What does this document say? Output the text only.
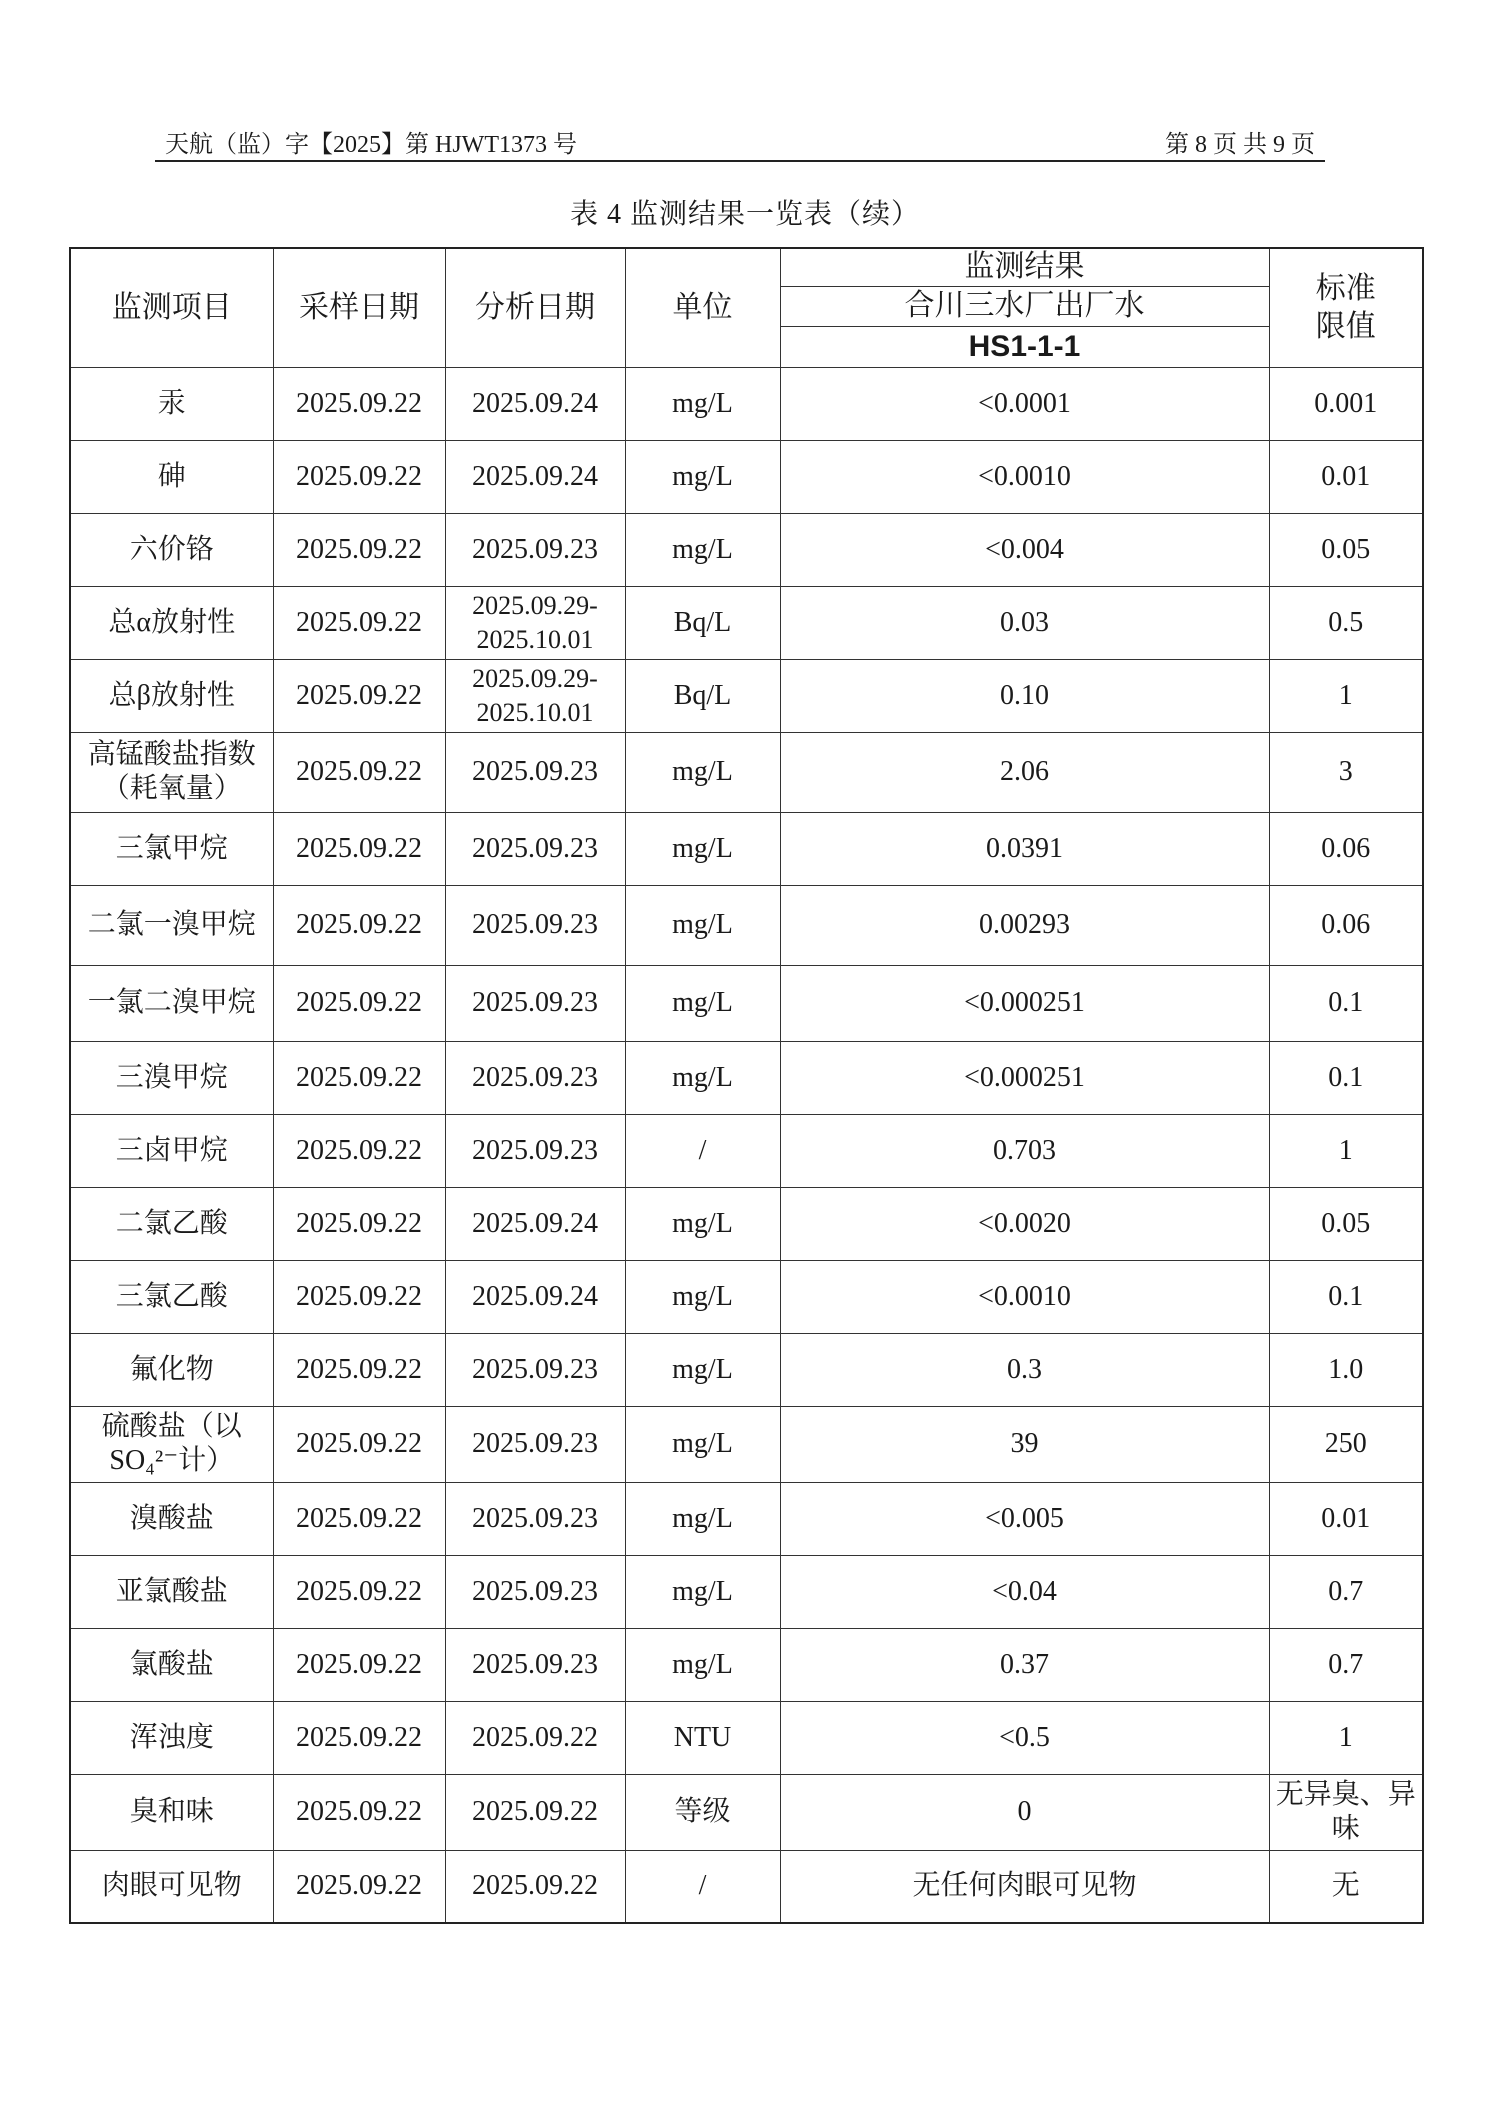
天航（监）字【2025】第 HJWT1373 号	第 8 页 共 9 页
表 4 监测结果一览表（续）
监测项目	采样日期	分析日期	单位	监测结果	标准限值
				合川三水厂出厂水	
				HS1-1-1	
汞	2025.09.22	2025.09.24	mg/L	<0.0001	0.001
砷	2025.09.22	2025.09.24	mg/L	<0.0010	0.01
六价铬	2025.09.22	2025.09.23	mg/L	<0.004	0.05
总α放射性	2025.09.22	2025.09.29-2025.10.01	Bq/L	0.03	0.5
总β放射性	2025.09.22	2025.09.29-2025.10.01	Bq/L	0.10	1
高锰酸盐指数（耗氧量）	2025.09.22	2025.09.23	mg/L	2.06	3
三氯甲烷	2025.09.22	2025.09.23	mg/L	0.0391	0.06
二氯一溴甲烷	2025.09.22	2025.09.23	mg/L	0.00293	0.06
一氯二溴甲烷	2025.09.22	2025.09.23	mg/L	<0.000251	0.1
三溴甲烷	2025.09.22	2025.09.23	mg/L	<0.000251	0.1
三卤甲烷	2025.09.22	2025.09.23	/	0.703	1
二氯乙酸	2025.09.22	2025.09.24	mg/L	<0.0020	0.05
三氯乙酸	2025.09.22	2025.09.24	mg/L	<0.0010	0.1
氟化物	2025.09.22	2025.09.23	mg/L	0.3	1.0
硫酸盐（以SO₄²⁻计）	2025.09.22	2025.09.23	mg/L	39	250
溴酸盐	2025.09.22	2025.09.23	mg/L	<0.005	0.01
亚氯酸盐	2025.09.22	2025.09.23	mg/L	<0.04	0.7
氯酸盐	2025.09.22	2025.09.23	mg/L	0.37	0.7
浑浊度	2025.09.22	2025.09.22	NTU	<0.5	1
臭和味	2025.09.22	2025.09.22	等级	0	无异臭、异味
肉眼可见物	2025.09.22	2025.09.22	/	无任何肉眼可见物	无
